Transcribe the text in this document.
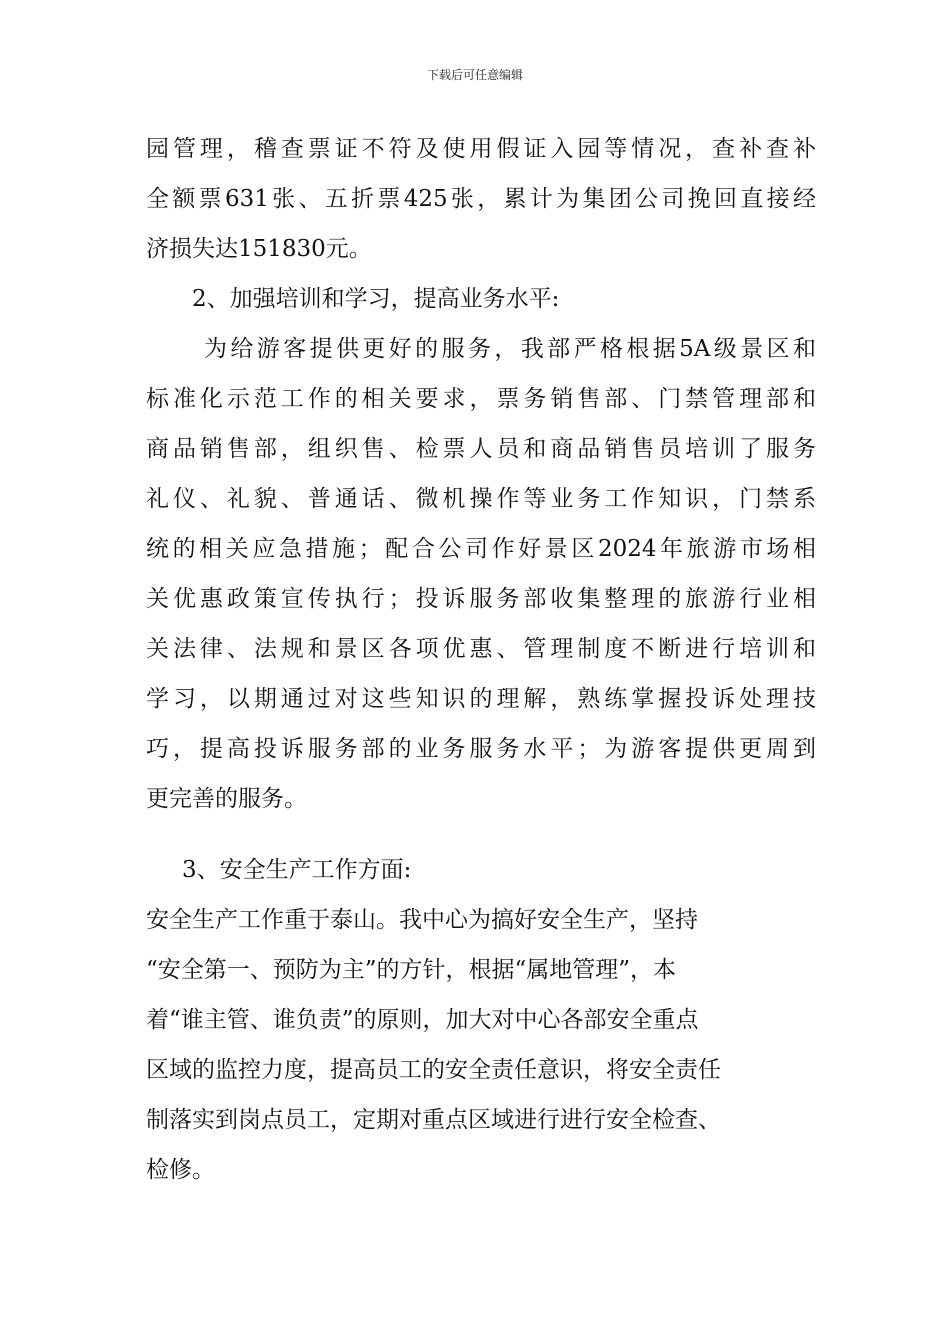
下载后可任意编辑
园管理，稽查票证不符及使用假证入园等情况，查补查补
全额票631张、五折票425张，累计为集团公司挽回直接经
济损失达151830元。
2、加强培训和学习，提高业务水平:
为给游客提供更好的服务，我部严格根据5A级景区和
标准化示范工作的相关要求，票务销售部、门禁管理部和
商品销售部，组织售、检票人员和商品销售员培训了服务
礼仪、礼貌、普通话、微机操作等业务工作知识，门禁系
统的相关应急措施；配合公司作好景区2024年旅游市场相
关优惠政策宣传执行；投诉服务部收集整理的旅游行业相
关法律、法规和景区各项优惠、管理制度不断进行培训和
学习，以期通过对这些知识的理解，熟练掌握投诉处理技
巧，提高投诉服务部的业务服务水平；为游客提供更周到
更完善的服务。
3、安全生产工作方面:
安全生产工作重于泰山。我中心为搞好安全生产，坚持
“安全第一、预防为主”的方针，根据“属地管理”，本
着“谁主管、谁负责”的原则，加大对中心各部安全重点
区域的监控力度，提高员工的安全责任意识，将安全责任
制落实到岗点员工，定期对重点区域进行进行安全检查、
检修。
